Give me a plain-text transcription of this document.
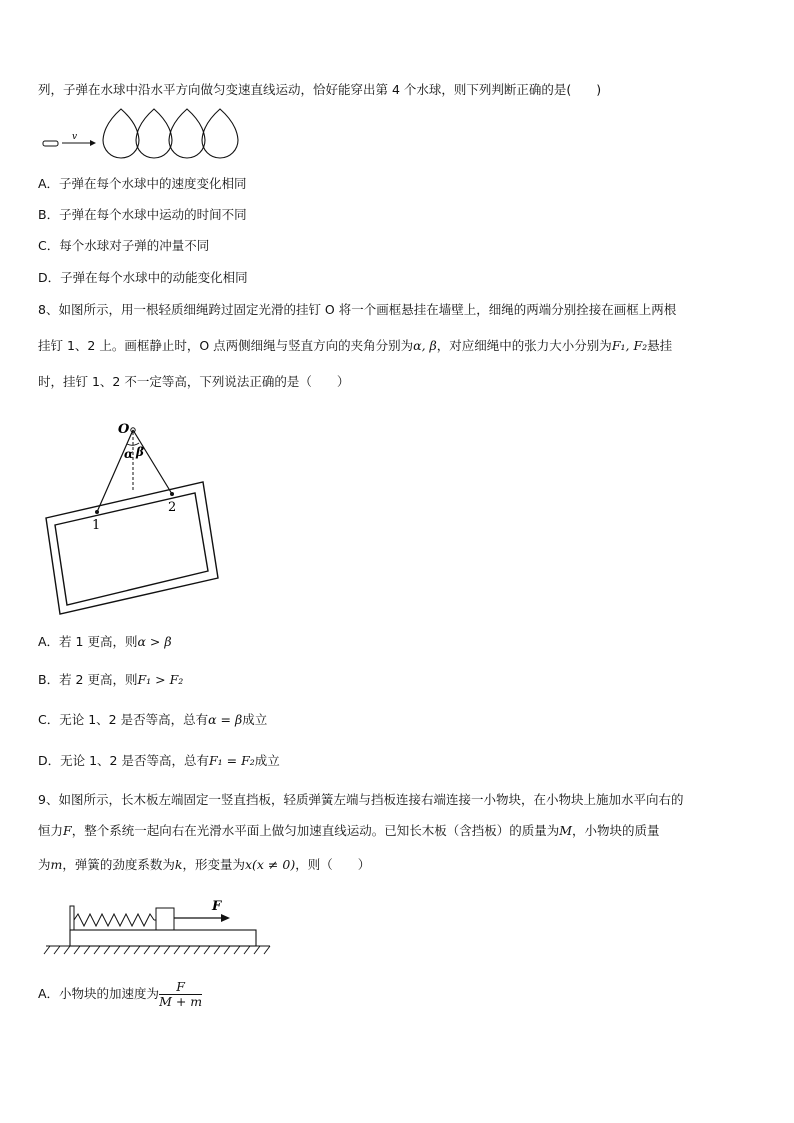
列，子弹在水球中沿水平方向做匀变速直线运动，恰好能穿出第 4 个水球，则下列判断正确的是(　　)
v
A．子弹在每个水球中的速度变化相同
B．子弹在每个水球中运动的时间不同
C．每个水球对子弹的冲量不同
D．子弹在每个水球中的动能变化相同
8、如图所示，用一根轻质细绳跨过固定光滑的挂钉 O 将一个画框悬挂在墙壁上，细绳的两端分别拴接在画框上两根
挂钉 1、2 上。画框静止时，O 点两侧细绳与竖直方向的夹角分别为α, β，对应细绳中的张力大小分别为F₁, F₂悬挂
时，挂钉 1、2 不一定等高，下列说法正确的是（　　）
O
α β
1
2
A．若 1 更高，则α > β
B．若 2 更高，则F₁ > F₂
C．无论 1、2 是否等高，总有α = β成立
D．无论 1、2 是否等高，总有F₁ = F₂成立
9、如图所示，长木板左端固定一竖直挡板，轻质弹簧左端与挡板连接右端连接一小物块，在小物块上施加水平向右的
恒力F，整个系统一起向右在光滑水平面上做匀加速直线运动。已知长木板（含挡板）的质量为M，小物块的质量
为m，弹簧的劲度系数为k，形变量为x(x ≠ 0)，则（　　）
F
A．小物块的加速度为 $\frac{F}{M + m}$
